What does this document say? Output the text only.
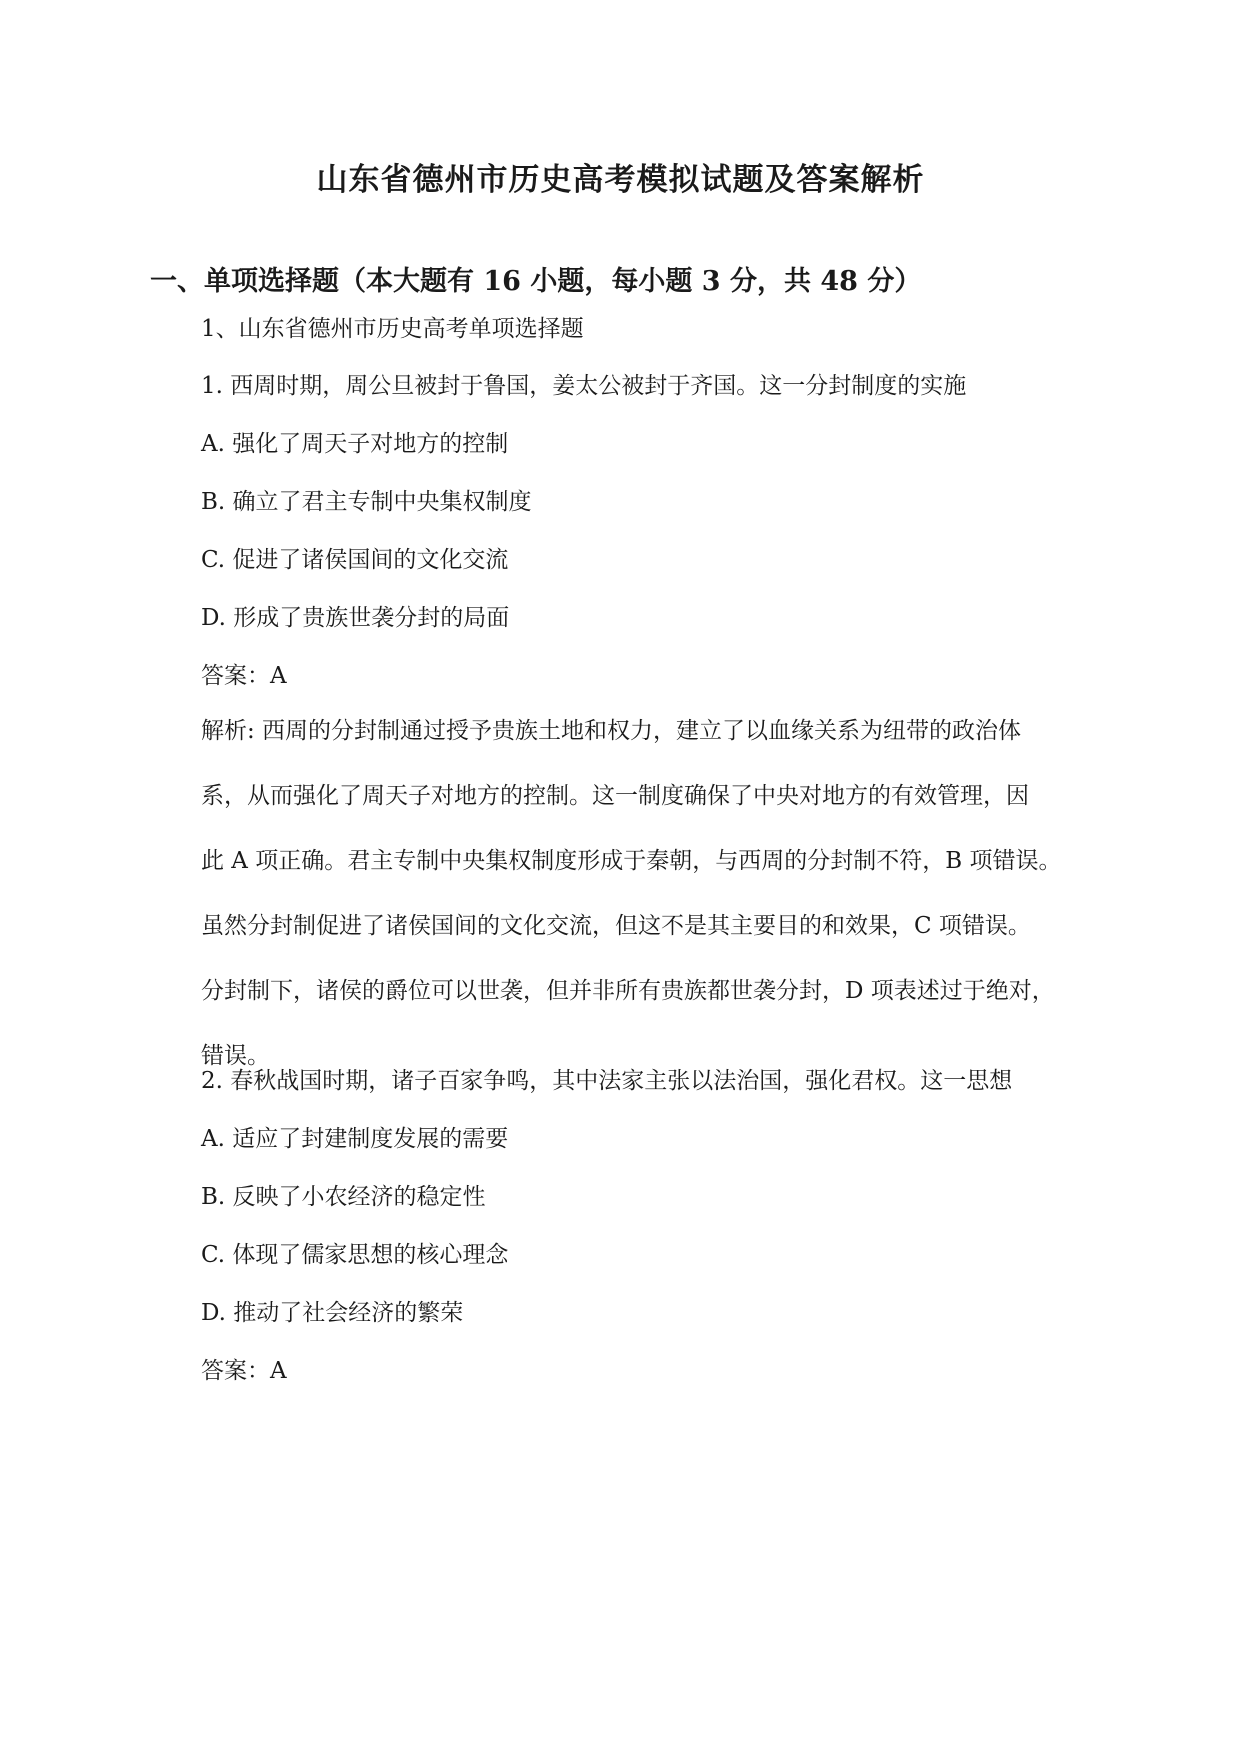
山东省德州市历史高考模拟试题及答案解析
一、单项选择题（本大题有 16 小题，每小题 3 分，共 48 分）
1、山东省德州市历史高考单项选择题
1. 西周时期，周公旦被封于鲁国，姜太公被封于齐国。这一分封制度的实施
A. 强化了周天子对地方的控制
B. 确立了君主专制中央集权制度
C. 促进了诸侯国间的文化交流
D. 形成了贵族世袭分封的局面
答案：A
解析: 西周的分封制通过授予贵族土地和权力，建立了以血缘关系为纽带的政治体
系，从而强化了周天子对地方的控制。这一制度确保了中央对地方的有效管理，因
此 A 项正确。君主专制中央集权制度形成于秦朝，与西周的分封制不符，B 项错误。
虽然分封制促进了诸侯国间的文化交流，但这不是其主要目的和效果，C 项错误。
分封制下，诸侯的爵位可以世袭，但并非所有贵族都世袭分封，D 项表述过于绝对，
错误。
2. 春秋战国时期，诸子百家争鸣，其中法家主张以法治国，强化君权。这一思想
A. 适应了封建制度发展的需要
B. 反映了小农经济的稳定性
C. 体现了儒家思想的核心理念
D. 推动了社会经济的繁荣
答案：A
